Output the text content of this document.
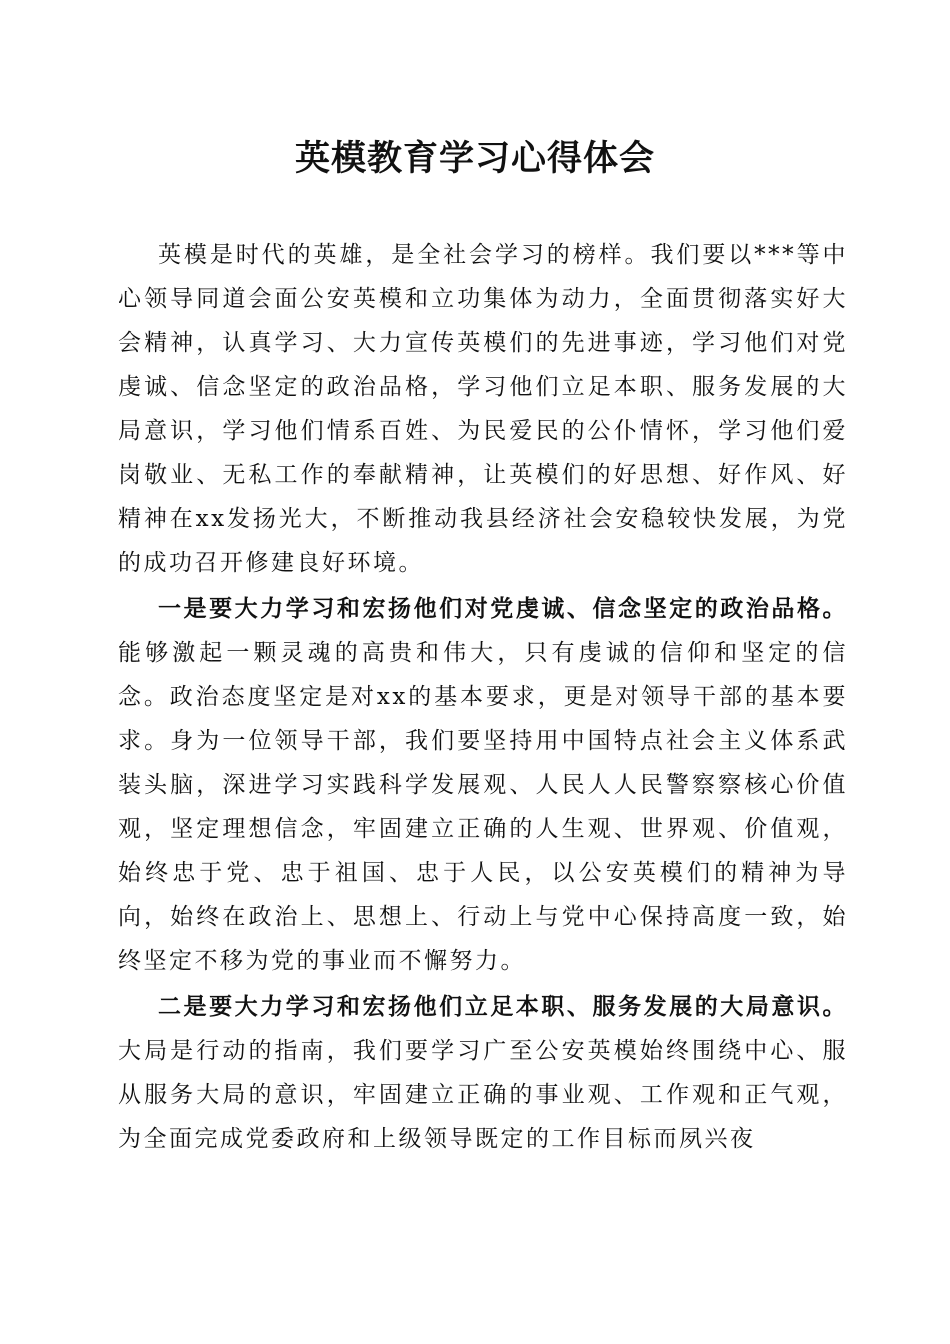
英模教育学习心得体会

英模是时代的英雄，是全社会学习的榜样。我们要以***等中心领导同道会面公安英模和立功集体为动力，全面贯彻落实好大会精神，认真学习、大力宣传英模们的先进事迹，学习他们对党虔诚、信念坚定的政治品格，学习他们立足本职、服务发展的大局意识，学习他们情系百姓、为民爱民的公仆情怀，学习他们爱岗敬业、无私工作的奉献精神，让英模们的好思想、好作风、好精神在xx发扬光大，不断推动我县经济社会安稳较快发展，为党的成功召开修建良好环境。

一是要大力学习和宏扬他们对党虔诚、信念坚定的政治品格。能够激起一颗灵魂的高贵和伟大，只有虔诚的信仰和坚定的信念。政治态度坚定是对xx的基本要求，更是对领导干部的基本要求。身为一位领导干部，我们要坚持用中国特点社会主义体系武装头脑，深进学习实践科学发展观、人民人人民警察察核心价值观，坚定理想信念，牢固建立正确的人生观、世界观、价值观，始终忠于党、忠于祖国、忠于人民，以公安英模们的精神为导向，始终在政治上、思想上、行动上与党中心保持高度一致，始终坚定不移为党的事业而不懈努力。

二是要大力学习和宏扬他们立足本职、服务发展的大局意识。大局是行动的指南，我们要学习广至公安英模始终围绕中心、服从服务大局的意识，牢固建立正确的事业观、工作观和正气观，为全面完成党委政府和上级领导既定的工作目标而夙兴夜
